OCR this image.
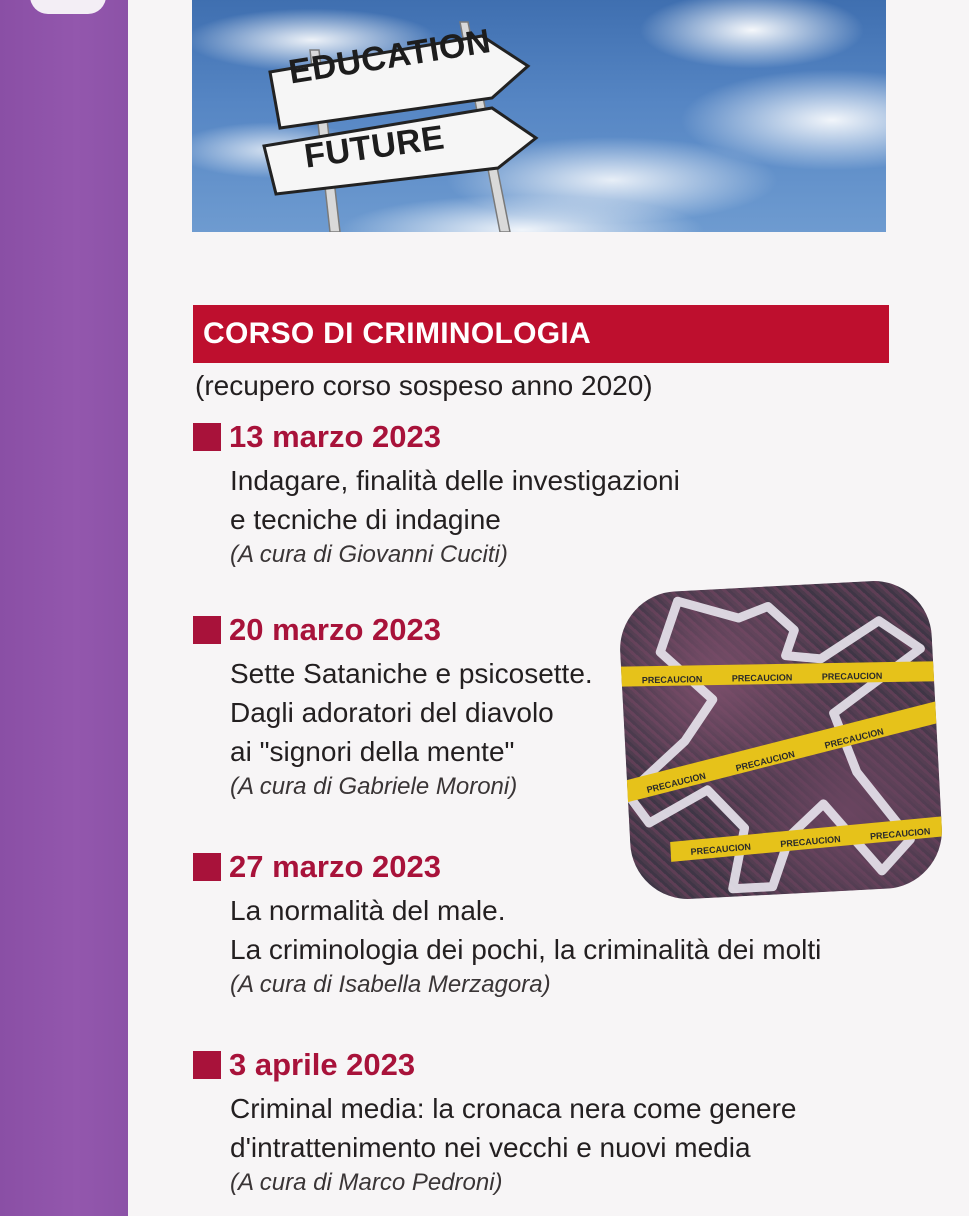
EDUCATION
FUTURE
CORSO DI CRIMINOLOGIA
(recupero corso sospeso anno 2020)
13 marzo 2023
Indagare, finalità delle investigazioni
e tecniche di indagine
(A cura di Giovanni Cuciti)
PRECAUCION	PRECAUCION	PRECAUCION
PRECAUCION
PRECAUCION
PRECAUCION
PRECAUCION
PRECAUCION
PRECAUCION
20 marzo 2023
Sette Sataniche e psicosette.
Dagli adoratori del diavolo
ai "signori della mente"
(A cura di Gabriele Moroni)
27 marzo 2023
La normalità del male.
La criminologia dei pochi, la criminalità dei molti
(A cura di Isabella Merzagora)
3 aprile 2023
Criminal media: la cronaca nera come genere
d'intrattenimento nei vecchi e nuovi media
(A cura di Marco Pedroni)
